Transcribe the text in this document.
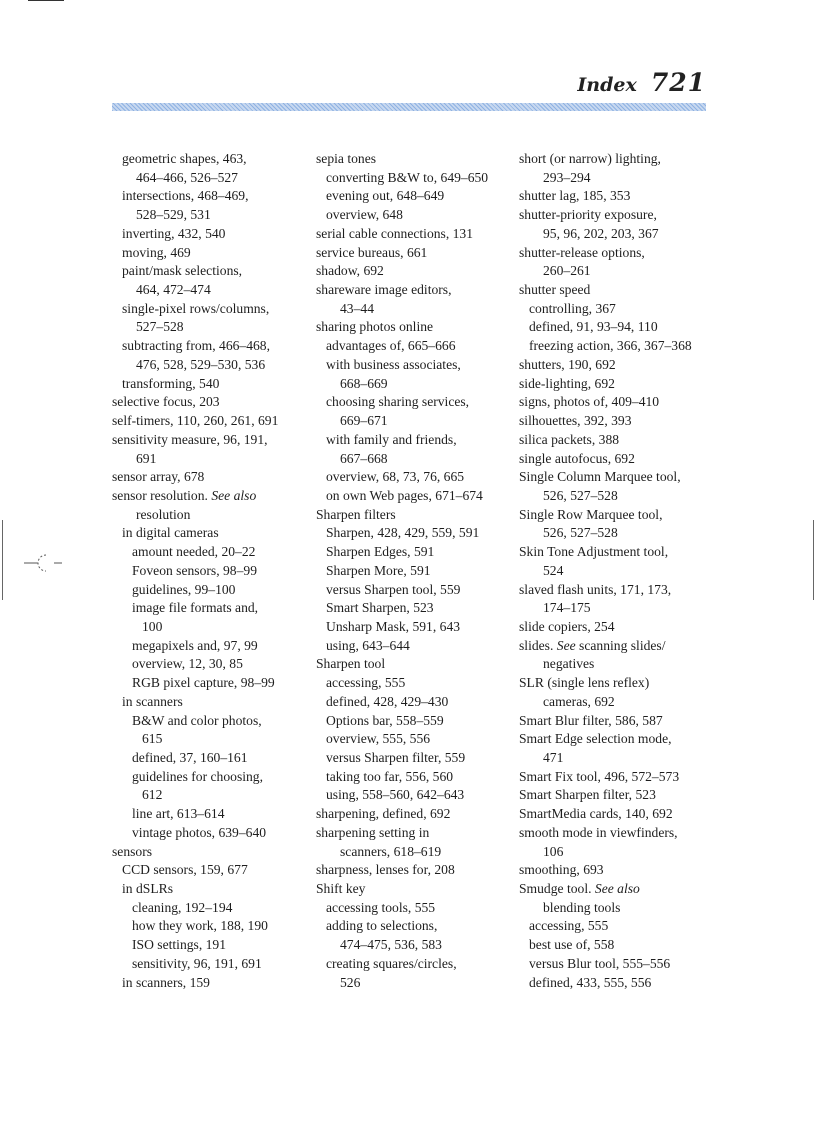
Index 721
geometric shapes, 463,
464–466, 526–527
intersections, 468–469,
528–529, 531
inverting, 432, 540
moving, 469
paint/mask selections,
464, 472–474
single-pixel rows/columns,
527–528
subtracting from, 466–468,
476, 528, 529–530, 536
transforming, 540
selective focus, 203
self-timers, 110, 260, 261, 691
sensitivity measure, 96, 191,
691
sensor array, 678
sensor resolution. See also
resolution
in digital cameras
amount needed, 20–22
Foveon sensors, 98–99
guidelines, 99–100
image file formats and,
100
megapixels and, 97, 99
overview, 12, 30, 85
RGB pixel capture, 98–99
in scanners
B&W and color photos,
615
defined, 37, 160–161
guidelines for choosing,
612
line art, 613–614
vintage photos, 639–640
sensors
CCD sensors, 159, 677
in dSLRs
cleaning, 192–194
how they work, 188, 190
ISO settings, 191
sensitivity, 96, 191, 691
in scanners, 159
sepia tones
converting B&W to, 649–650
evening out, 648–649
overview, 648
serial cable connections, 131
service bureaus, 661
shadow, 692
shareware image editors,
43–44
sharing photos online
advantages of, 665–666
with business associates,
668–669
choosing sharing services,
669–671
with family and friends,
667–668
overview, 68, 73, 76, 665
on own Web pages, 671–674
Sharpen filters
Sharpen, 428, 429, 559, 591
Sharpen Edges, 591
Sharpen More, 591
versus Sharpen tool, 559
Smart Sharpen, 523
Unsharp Mask, 591, 643
using, 643–644
Sharpen tool
accessing, 555
defined, 428, 429–430
Options bar, 558–559
overview, 555, 556
versus Sharpen filter, 559
taking too far, 556, 560
using, 558–560, 642–643
sharpening, defined, 692
sharpening setting in
scanners, 618–619
sharpness, lenses for, 208
Shift key
accessing tools, 555
adding to selections,
474–475, 536, 583
creating squares/circles,
526
short (or narrow) lighting,
293–294
shutter lag, 185, 353
shutter-priority exposure,
95, 96, 202, 203, 367
shutter-release options,
260–261
shutter speed
controlling, 367
defined, 91, 93–94, 110
freezing action, 366, 367–368
shutters, 190, 692
side-lighting, 692
signs, photos of, 409–410
silhouettes, 392, 393
silica packets, 388
single autofocus, 692
Single Column Marquee tool,
526, 527–528
Single Row Marquee tool,
526, 527–528
Skin Tone Adjustment tool,
524
slaved flash units, 171, 173,
174–175
slide copiers, 254
slides. See scanning slides/
negatives
SLR (single lens reflex)
cameras, 692
Smart Blur filter, 586, 587
Smart Edge selection mode,
471
Smart Fix tool, 496, 572–573
Smart Sharpen filter, 523
SmartMedia cards, 140, 692
smooth mode in viewfinders,
106
smoothing, 693
Smudge tool. See also
blending tools
accessing, 555
best use of, 558
versus Blur tool, 555–556
defined, 433, 555, 556
